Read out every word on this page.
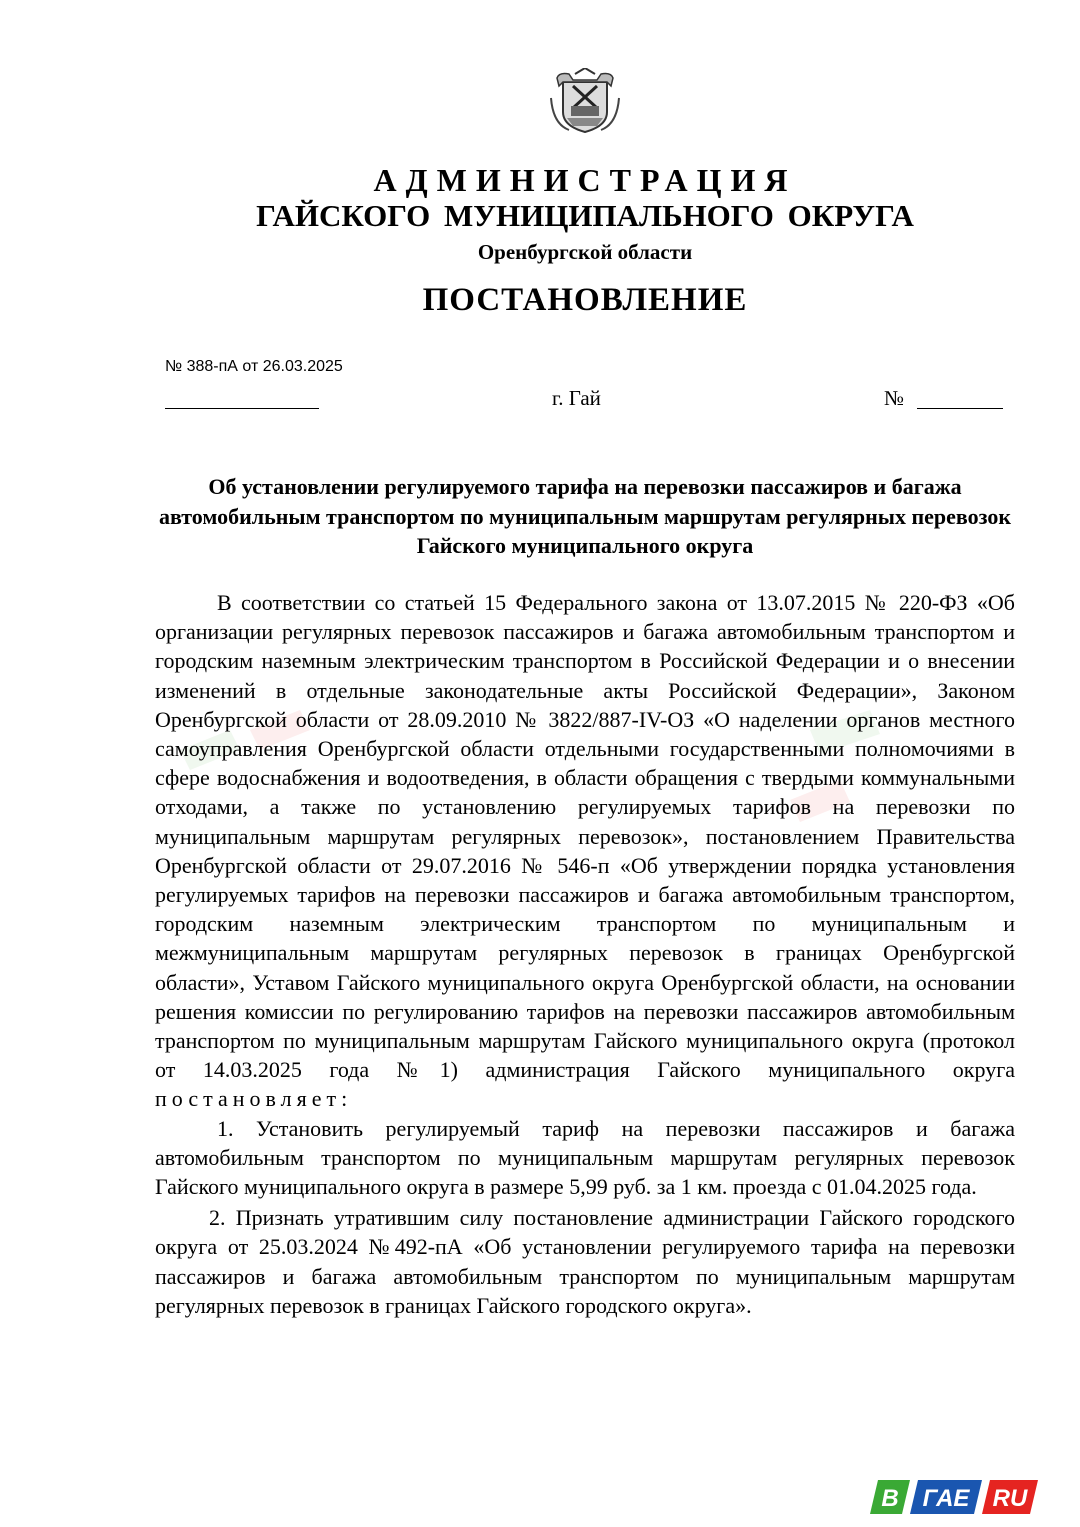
АДМИНИСТРАЦИЯ
ГАЙСКОГО МУНИЦИПАЛЬНОГО ОКРУГА
Оренбургской области
ПОСТАНОВЛЕНИЕ
№ 388-пА от 26.03.2025
г. Гай	№
Об установлении регулируемого тарифа на перевозки пассажиров и багажа автомобильным транспортом по муниципальным маршрутам регулярных перевозок Гайского муниципального округа

В соответствии со статьей 15 Федерального закона от 13.07.2015 № 220-ФЗ «Об организации регулярных перевозок пассажиров и багажа автомобильным транспортом и городским наземным электрическим транспортом в Российской Федерации и о внесении изменений в отдельные законодательные акты Российской Федерации», Законом Оренбургской области от 28.09.2010 № 3822/887-IV-ОЗ «О наделении органов местного самоуправления Оренбургской области отдельными государственными полномочиями в сфере водоснабжения и водоотведения, в области обращения с твердыми коммунальными отходами, а также по установлению регулируемых тарифов на перевозки по муниципальным маршрутам регулярных перевозок», постановлением Правительства Оренбургской области от 29.07.2016 № 546-п «Об утверждении порядка установления регулируемых тарифов на перевозки пассажиров и багажа автомобильным транспортом, городским наземным электрическим транспортом по муниципальным и межмуниципальным маршрутам регулярных перевозок в границах Оренбургской области», Уставом Гайского муниципального округа Оренбургской области, на основании решения комиссии по регулированию тарифов на перевозки пассажиров автомобильным транспортом по муниципальным маршрутам Гайского муниципального округа (протокол от 14.03.2025 года №1) администрация Гайского муниципального округа постановляет:

1. Установить регулируемый тариф на перевозки пассажиров и багажа автомобильным транспортом по муниципальным маршрутам регулярных перевозок Гайского муниципального округа в размере 5,99 руб. за 1 км. проезда с 01.04.2025 года.

2. Признать утратившим силу постановление администрации Гайского городского округа от 25.03.2024 №492-пА «Об установлении регулируемого тарифа на перевозки пассажиров и багажа автомобильным транспортом по муниципальным маршрутам регулярных перевозок в границах Гайского городского округа».

В ГАЕ RU
